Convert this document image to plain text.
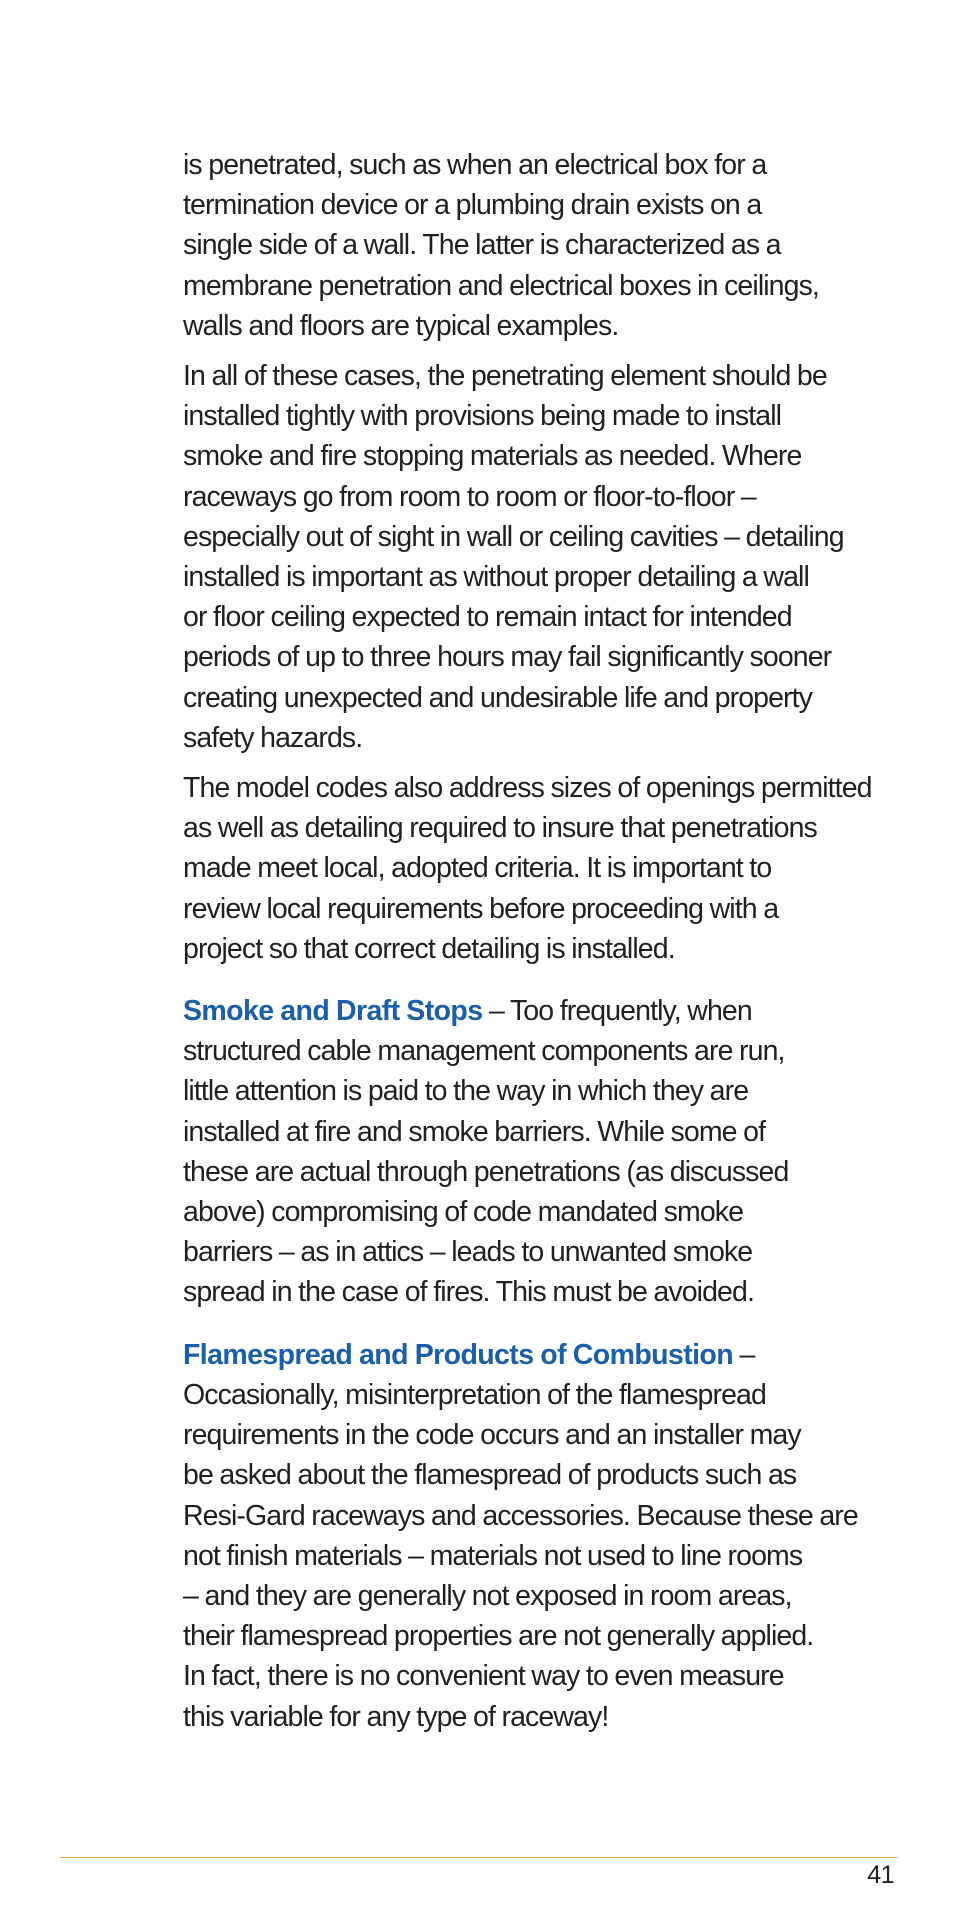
is penetrated, such as when an electrical box for a
termination device or a plumbing drain exists on a
single side of a wall. The latter is characterized as a
membrane penetration and electrical boxes in ceilings,
walls and floors are typical examples.

In all of these cases, the penetrating element should be
installed tightly with provisions being made to install
smoke and fire stopping materials as needed. Where
raceways go from room to room or floor-to-floor –
especially out of sight in wall or ceiling cavities – detailing
installed is important as without proper detailing a wall
or floor ceiling expected to remain intact for intended
periods of up to three hours may fail significantly sooner
creating unexpected and undesirable life and property
safety hazards.

The model codes also address sizes of openings permitted
as well as detailing required to insure that penetrations
made meet local, adopted criteria. It is important to
review local requirements before proceeding with a
project so that correct detailing is installed.

Smoke and Draft Stops – Too frequently, when
structured cable management components are run,
little attention is paid to the way in which they are
installed at fire and smoke barriers. While some of
these are actual through penetrations (as discussed
above) compromising of code mandated smoke
barriers – as in attics – leads to unwanted smoke
spread in the case of fires. This must be avoided.

Flamespread and Products of Combustion –
Occasionally, misinterpretation of the flamespread
requirements in the code occurs and an installer may
be asked about the flamespread of products such as
Resi-Gard raceways and accessories. Because these are
not finish materials – materials not used to line rooms
– and they are generally not exposed in room areas,
their flamespread properties are not generally applied.
In fact, there is no convenient way to even measure
this variable for any type of raceway!

41
